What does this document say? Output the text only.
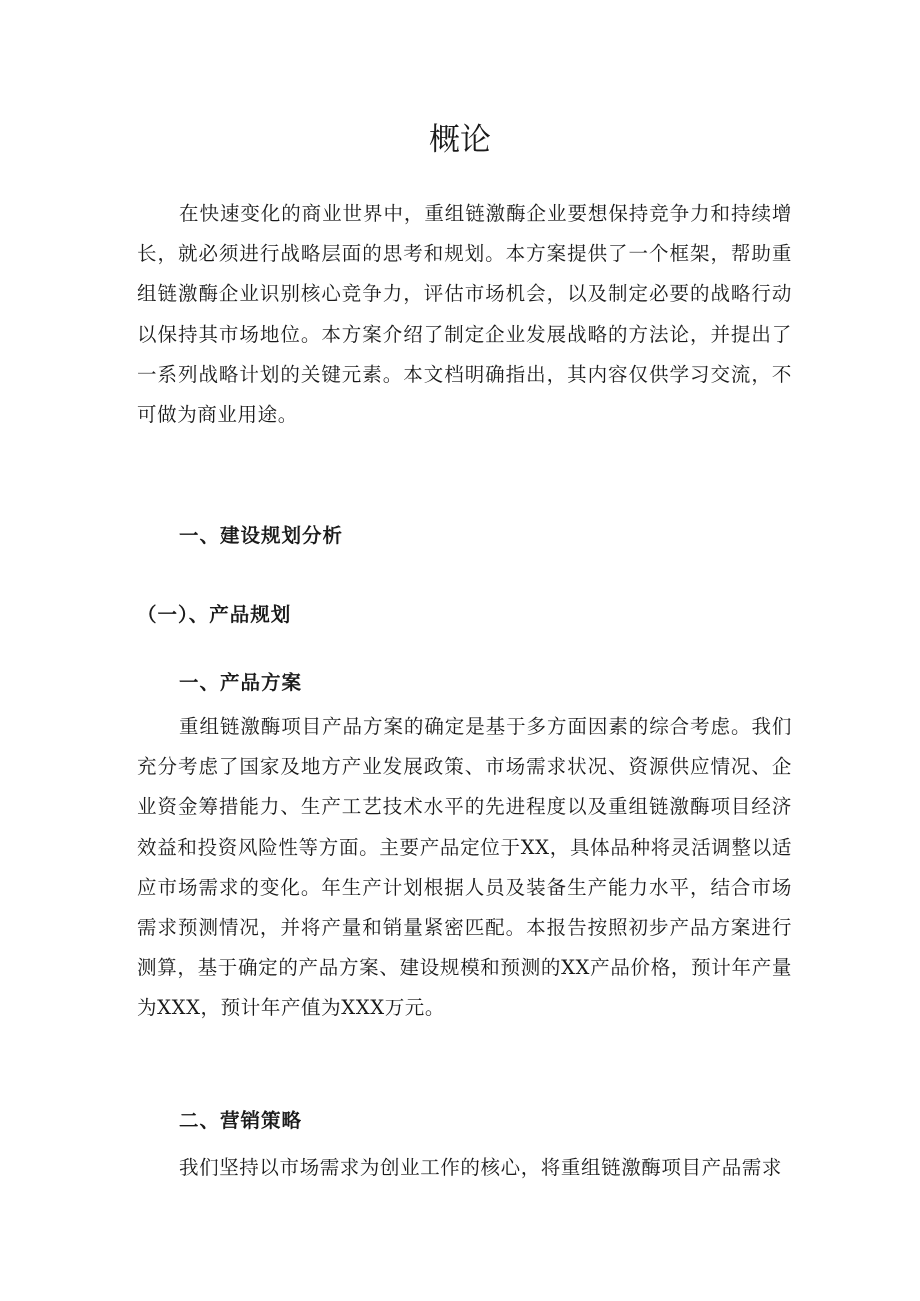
概论

在快速变化的商业世界中，重组链激酶企业要想保持竞争力和持续增长，就必须进行战略层面的思考和规划。本方案提供了一个框架，帮助重组链激酶企业识别核心竞争力，评估市场机会，以及制定必要的战略行动以保持其市场地位。本方案介绍了制定企业发展战略的方法论，并提出了一系列战略计划的关键元素。本文档明确指出，其内容仅供学习交流，不可做为商业用途。

一、建设规划分析
（一）、产品规划
一、产品方案

重组链激酶项目产品方案的确定是基于多方面因素的综合考虑。我们充分考虑了国家及地方产业发展政策、市场需求状况、资源供应情况、企业资金筹措能力、生产工艺技术水平的先进程度以及重组链激酶项目经济效益和投资风险性等方面。主要产品定位于XX，具体品种将灵活调整以适应市场需求的变化。年生产计划根据人员及装备生产能力水平，结合市场需求预测情况，并将产量和销量紧密匹配。本报告按照初步产品方案进行测算，基于确定的产品方案、建设规模和预测的XX产品价格，预计年产量为XXX，预计年产值为XXX万元。

二、营销策略

我们坚持以市场需求为创业工作的核心，将重组链激酶项目产品需求
